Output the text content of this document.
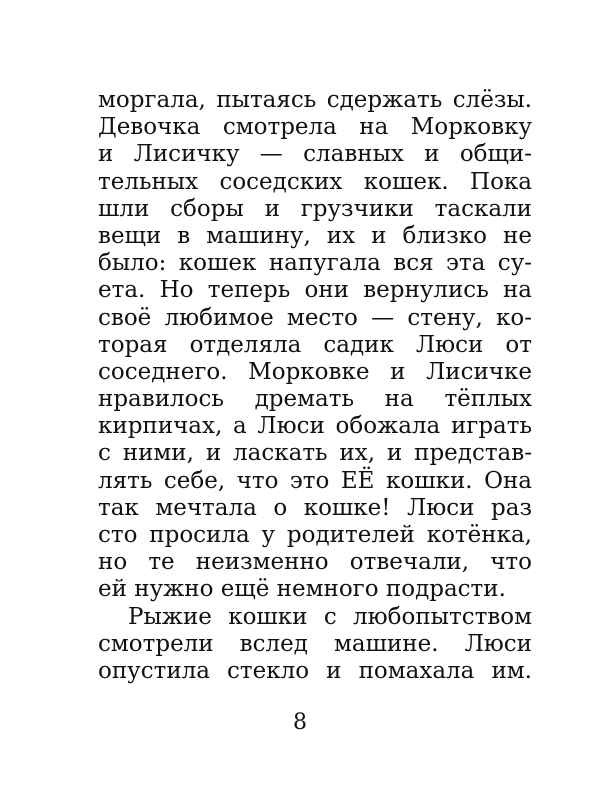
моргала, пытаясь сдержать слёзы.
Девочка смотрела на Морковку
и Лисичку — славных и общи-
тельных соседских кошек. Пока
шли сборы и грузчики таскали
вещи в машину, их и близко не
было: кошек напугала вся эта су-
ета. Но теперь они вернулись на
своё любимое место — стену, ко-
торая отделяла садик Люси от
соседнего. Морковке и Лисичке
нравилось дремать на тёплых
кирпичах, а Люси обожала играть
с ними, и ласкать их, и представ-
лять себе, что это ЕЁ кошки. Она
так мечтала о кошке! Люси раз
сто просила у родителей котёнка,
но те неизменно отвечали, что
ей нужно ещё немного подрасти.
Рыжие кошки с любопытством
смотрели вслед машине. Люси
опустила стекло и помахала им.
8
